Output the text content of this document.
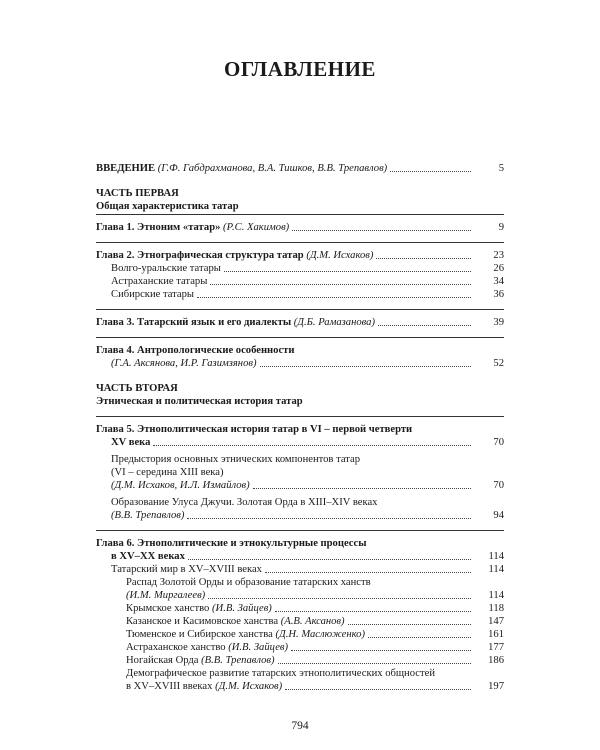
ОГЛАВЛЕНИЕ
ВВЕДЕНИЕ (Г.Ф. Габдрахманова, В.А. Тишков, В.В. Трепавлов)	5
ЧАСТЬ ПЕРВАЯ
Общая характеристика татар
Глава 1. Этноним «татар» (Р.С. Хакимов)	9
Глава 2. Этнографическая структура татар (Д.М. Исхаков)	23
Волго-уральские татары	26
Астраханские татары	34
Сибирские татары	36
Глава 3. Татарский язык и его диалекты (Д.Б. Рамазанова)	39
Глава 4. Антропологические особенности
(Г.А. Аксянова, И.Р. Газимзянов)	52
ЧАСТЬ ВТОРАЯ
Этническая и политическая история татар
Глава 5. Этнополитическая история татар в VI – первой четверти
XV века	70
Предыстория основных этнических компонентов татар
(VI – середина XIII века)
(Д.М. Исхаков, И.Л. Измайлов)	70
Образование Улуса Джучи. Золотая Орда в XIII–XIV веках
(В.В. Трепавлов)	94
Глава 6. Этнополитические и этнокультурные процессы
в XV–XX веках	114
Татарский мир в XV–XVIII веках	114
Распад Золотой Орды и образование татарских ханств
(И.М. Миргалеев)	114
Крымское ханство (И.В. Зайцев)	118
Казанское и Касимовское ханства (А.В. Аксанов)	147
Тюменское и Сибирское ханства (Д.Н. Маслюженко)	161
Астраханское ханство (И.В. Зайцев)	177
Ногайская Орда (В.В. Трепавлов)	186
Демографическое развитие татарских этнополитических общностей
в XV–XVIII ввеках (Д.М. Исхаков)	197
794
